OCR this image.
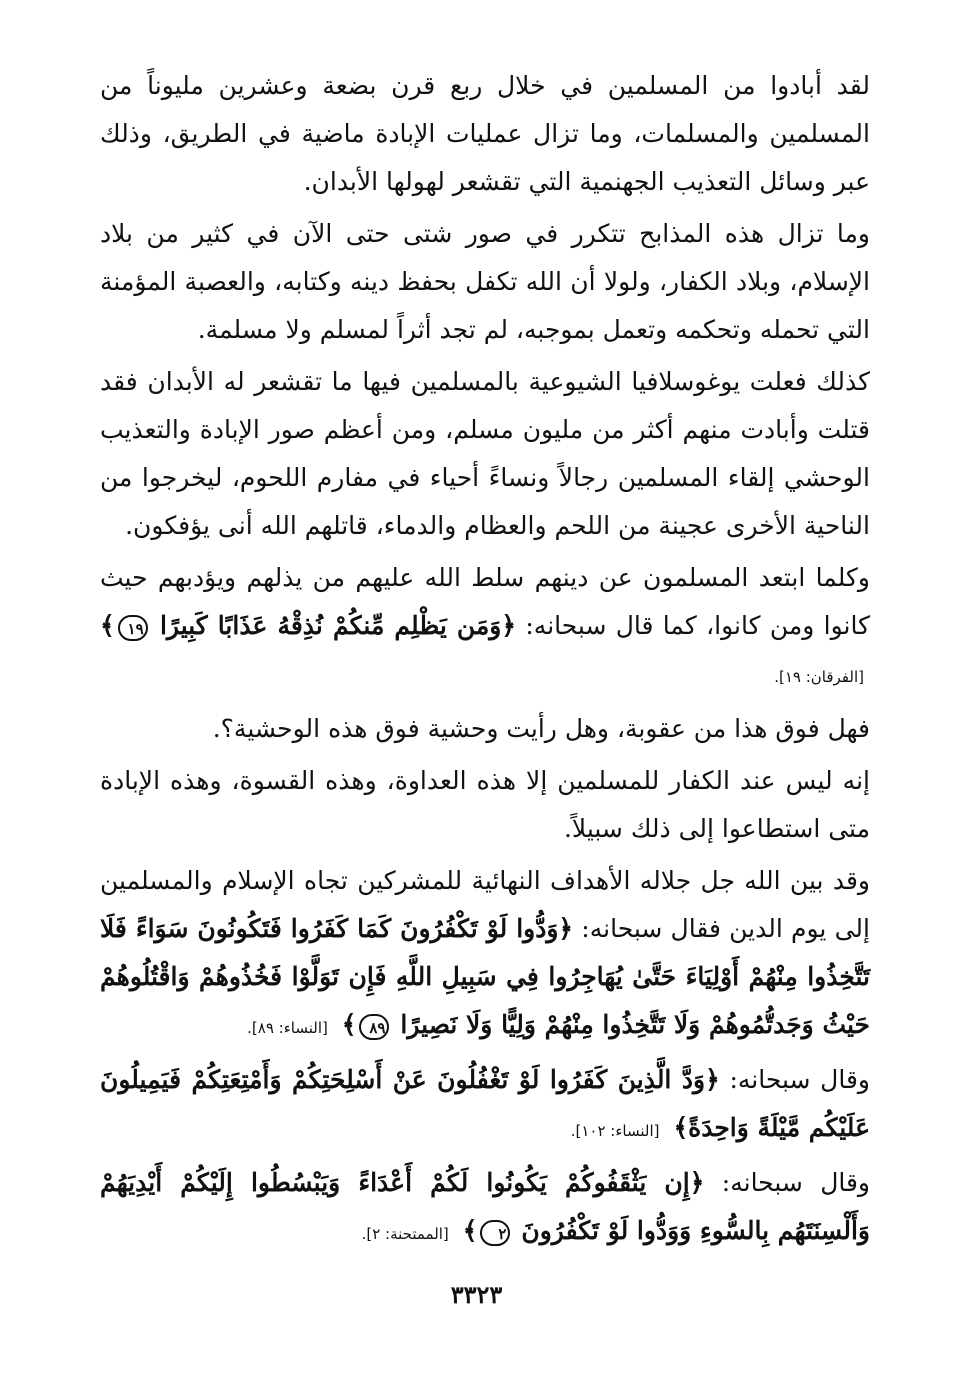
لقد أبادوا من المسلمين في خلال ربع قرن بضعة وعشرين مليوناً من المسلمين والمسلمات، وما تزال عمليات الإبادة ماضية في الطريق، وذلك عبر وسائل التعذيب الجهنمية التي تقشعر لهولها الأبدان.

وما تزال هذه المذابح تتكرر في صور شتى حتى الآن في كثير من بلاد الإسلام، وبلاد الكفار، ولولا أن الله تكفل بحفظ دينه وكتابه، والعصبة المؤمنة التي تحمله وتحكمه وتعمل بموجبه، لم تجد أثراً لمسلم ولا مسلمة.

كذلك فعلت يوغوسلافيا الشيوعية بالمسلمين فيها ما تقشعر له الأبدان فقد قتلت وأبادت منهم أكثر من مليون مسلم، ومن أعظم صور الإبادة والتعذيب الوحشي إلقاء المسلمين رجالاً ونساءً أحياء في مفارم اللحوم، ليخرجوا من الناحية الأخرى عجينة من اللحم والعظام والدماء، قاتلهم الله أنى يؤفكون.

وكلما ابتعد المسلمون عن دينهم سلط الله عليهم من يذلهم ويؤدبهم حيث كانوا ومن كانوا، كما قال سبحانه: ﴿وَمَن يَظْلِم مِّنكُمْ نُذِقْهُ عَذَابًا كَبِيرًا ١٩﴾ [الفرقان: ١٩].

فهل فوق هذا من عقوبة، وهل رأيت وحشية فوق هذه الوحشية؟.

إنه ليس عند الكفار للمسلمين إلا هذه العداوة، وهذه القسوة، وهذه الإبادة متى استطاعوا إلى ذلك سبيلاً.

وقد بين الله جل جلاله الأهداف النهائية للمشركين تجاه الإسلام والمسلمين إلى يوم الدين فقال سبحانه: ﴿وَدُّوا لَوْ تَكْفُرُونَ كَمَا كَفَرُوا فَتَكُونُونَ سَوَاءً فَلَا تَتَّخِذُوا مِنْهُمْ أَوْلِيَاءَ حَتَّىٰ يُهَاجِرُوا فِي سَبِيلِ اللَّهِ فَإِن تَوَلَّوْا فَخُذُوهُمْ وَاقْتُلُوهُمْ حَيْثُ وَجَدتُّمُوهُمْ وَلَا تَتَّخِذُوا مِنْهُمْ وَلِيًّا وَلَا نَصِيرًا ٨٩﴾ [النساء: ٨٩].

وقال سبحانه: ﴿وَدَّ الَّذِينَ كَفَرُوا لَوْ تَغْفُلُونَ عَنْ أَسْلِحَتِكُمْ وَأَمْتِعَتِكُمْ فَيَمِيلُونَ عَلَيْكُم مَّيْلَةً وَاحِدَةً﴾ [النساء: ١٠٢].

وقال سبحانه: ﴿إِن يَثْقَفُوكُمْ يَكُونُوا لَكُمْ أَعْدَاءً وَيَبْسُطُوا إِلَيْكُمْ أَيْدِيَهُمْ وَأَلْسِنَتَهُم بِالسُّوءِ وَوَدُّوا لَوْ تَكْفُرُونَ ٢﴾ [الممتحنة: ٢].

٣٣٢٣
